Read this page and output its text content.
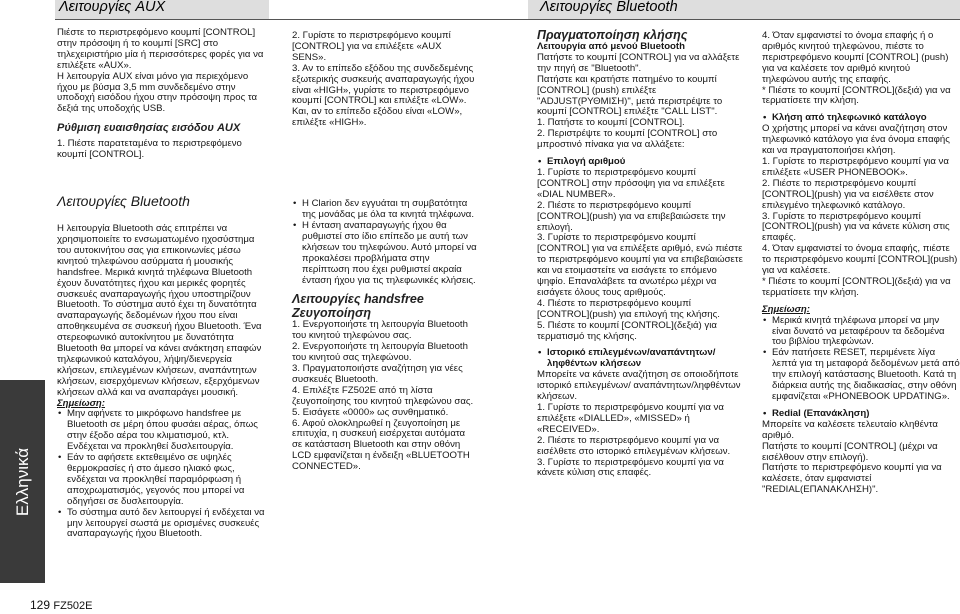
Λειτουργίες AUX	Λειτουργίες Bluetooth

Πιέστε το περιστρεφόμενο κουμπί [CONTROL] στην πρόσοψη ή το κουμπί [SRC] στο τηλεχειριστήριο μία ή περισσότερες φορές για να επιλέξετε «AUX».

Η λειτουργία AUX είναι μόνο για περιεχόμενο ήχου με βύσμα 3,5 mm συνδεδεμένο στην υποδοχή εισόδου ήχου στην πρόσοψη προς τα δεξιά της υποδοχής USB.

Ρύθμιση ευαισθησίας εισόδου AUX

1. Πιέστε παρατεταμένα το περιστρεφόμενο κουμπί [CONTROL].

Λειτουργίες Bluetooth

Η λειτουργία Bluetooth σάς επιτρέπει να χρησιμοποιείτε το ενσωματωμένο ηχοσύστημα του αυτοκινήτου σας για επικοινωνίες μέσω κινητού τηλεφώνου ασύρματα ή μουσικής handsfree. Μερικά κινητά τηλέφωνα Bluetooth έχουν δυνατότητες ήχου και μερικές φορητές συσκευές αναπαραγωγής ήχου υποστηρίζουν Bluetooth. Το σύστημα αυτό έχει τη δυνατότητα αναπαραγωγής δεδομένων ήχου που είναι αποθηκευμένα σε συσκευή ήχου Bluetooth. Ένα στερεοφωνικό αυτοκίνητου με δυνατότητα Bluetooth θα μπορεί να κάνει ανάκτηση επαφών τηλεφωνικού καταλόγου, λήψη/διενεργεία κλήσεων, επιλεγμένων κλήσεων, αναπάντητων κλήσεων, εισερχόμενων κλήσεων, εξερχόμενων κλήσεων αλλά και να αναπαράγει μουσική.

Σημείωση:

• Μην αφήνετε το μικρόφωνο handsfree με Bluetooth σε μέρη όπου φυσάει αέρας, όπως στην έξοδο αέρα του κλιματισμού, κτλ. Ενδέχεται να προκληθεί δυσλειτουργία.
• Εάν το αφήσετε εκτεθειμένο σε υψηλές θερμοκρασίες ή στο άμεσο ηλιακό φως, ενδέχεται να προκληθεί παραμόρφωση ή αποχρωματισμός, γεγονός που μπορεί να οδηγήσει σε δυσλειτουργία.
• Το σύστημα αυτό δεν λειτουργεί ή ενδέχεται να μην λειτουργεί σωστά με ορισμένες συσκευές αναπαραγωγής ήχου Bluetooth.

2. Γυρίστε το περιστρεφόμενο κουμπί [CONTROL] για να επιλέξετε «AUX SENS».

3. Αν το επίπεδο εξόδου της συνδεδεμένης εξωτερικής συσκευής αναπαραγωγής ήχου είναι «HIGH», γυρίστε το περιστρεφόμενο κουμπί [CONTROL] και επιλέξτε «LOW». Και, αν το επίπεδο εξόδου είναι «LOW», επιλέξτε «HIGH».

• Η Clarion δεν εγγυάται τη συμβατότητα της μονάδας με όλα τα κινητά τηλέφωνα.
• Η ένταση αναπαραγωγής ήχου θα ρυθμιστεί στο ίδιο επίπεδο με αυτή των κλήσεων του τηλεφώνου. Αυτό μπορεί να προκαλέσει προβλήματα στην περίπτωση που έχει ρυθμιστεί ακραία ένταση ήχου για τις τηλεφωνικές κλήσεις.

Λειτουργίες handsfree

Ζευγοποίηση

1. Ενεργοποιήστε τη λειτουργία Bluetooth του κινητού τηλεφώνου σας.

2. Ενεργοποιήστε τη λειτουργία Bluetooth του κινητού σας τηλεφώνου.

3. Πραγματοποιήστε αναζήτηση για νέες συσκευές Bluetooth.

4. Επιλέξτε FZ502E από τη λίστα ζευγοποίησης του κινητού τηλεφώνου σας.

5. Εισάγετε «0000» ως συνθηματικό.

6. Αφού ολοκληρωθεί η ζευγοποίηση με επιτυχία, η συσκευή εισέρχεται αυτόματα σε κατάσταση Bluetooth και στην οθόνη LCD εμφανίζεται η ένδειξη «BLUETOOTH CONNECTED».

Πραγματοποίηση κλήσης

Λειτουργία από μενού Bluetooth

Πατήστε το κουμπί [CONTROL] για να αλλάξετε την πηγή σε "Bluetooth".

Πατήστε και κρατήστε πατημένο το κουμπί [CONTROL] (push) επιλέξτε "ADJUST(ΡΥΘΜΙΣΗ)", μετά περιστρέψτε το κουμπί [CONTROL] επιλέξτε "CALL LIST".

1. Πατήστε το κουμπί [CONTROL].

2. Περιστρέψτε το κουμπί [CONTROL] στο μπροστινό πίνακα για να αλλάξετε:

• Επιλογή αριθμού

1. Γυρίστε το περιστρεφόμενο κουμπί [CONTROL] στην πρόσοψη για να επιλέξετε «DIAL NUMBER».

2. Πιέστε το περιστρεφόμενο κουμπί [CONTROL](push) για να επιβεβαιώσετε την επιλογή.

3. Γυρίστε το περιστρεφόμενο κουμπί [CONTROL] για να επιλέξετε αριθμό, ενώ πιέστε το περιστρεφόμενο κουμπί για να επιβεβαιώσετε και να ετοιμαστείτε να εισάγετε το επόμενο ψηφίο. Επαναλάβετε τα ανωτέρω μέχρι να εισάγετε όλους τους αριθμούς.

4. Πιέστε το περιστρεφόμενο κουμπί [CONTROL](push) για επιλογή της κλήσης.

5. Πιέστε το κουμπί [CONTROL](δεξιά) για τερματισμό της κλήσης.

• Ιστορικό επιλεγμένων/αναπάντητων/ ληφθέντων κλήσεων

Μπορείτε να κάνετε αναζήτηση σε οποιοδήποτε ιστορικό επιλεγμένων/ αναπάντητων/ληφθέντων κλήσεων.

1. Γυρίστε το περιστρεφόμενο κουμπί για να επιλέξετε «DIALLED», «MISSED» ή «RECEIVED».

2. Πιέστε το περιστρεφόμενο κουμπί για να εισέλθετε στο ιστορικό επιλεγμένων κλήσεων.

3. Γυρίστε το περιστρεφόμενο κουμπί για να κάνετε κύλιση στις επαφές.

4. Όταν εμφανιστεί το όνομα επαφής ή ο αριθμός κινητού τηλεφώνου, πιέστε το περιστρεφόμενο κουμπί [CONTROL] (push) για να καλέσετε τον αριθμό κινητού τηλεφώνου αυτής της επαφής.

* Πιέστε το κουμπί [CONTROL](δεξιά) για να τερματίσετε την κλήση.

• Κλήση από τηλεφωνικό κατάλογο

Ο χρήστης μπορεί να κάνει αναζήτηση στον τηλεφωνικό κατάλογο για ένα όνομα επαφής και να πραγματοποιήσει κλήση.

1. Γυρίστε το περιστρεφόμενο κουμπί για να επιλέξετε «USER PHONEBOOK».

2. Πιέστε το περιστρεφόμενο κουμπί [CONTROL](push) για να εισέλθετε στον επιλεγμένο τηλεφωνικό κατάλογο.

3. Γυρίστε το περιστρεφόμενο κουμπί [CONTROL](push) για να κάνετε κύλιση στις επαφές.

4. Όταν εμφανιστεί το όνομα επαφής, πιέστε το περιστρεφόμενο κουμπί [CONTROL](push) για να καλέσετε.

* Πιέστε το κουμπί [CONTROL](δεξιά) για να τερματίσετε την κλήση.

Σημείωση:

• Μερικά κινητά τηλέφωνα μπορεί να μην είναι δυνατό να μεταφέρουν τα δεδομένα του βιβλίου τηλεφώνων.
• Εάν πατήσετε RESET, περιμένετε λίγα λεπτά για τη μεταφορά δεδομένων μετά από την επιλογή κατάστασης Bluetooth. Κατά τη διάρκεια αυτής της διαδικασίας, στην οθόνη εμφανίζεται «PHONEBOOK UPDATING».
• Redial (Επανάκληση)

Μπορείτε να καλέσετε τελευταίο κληθέντα αριθμό.

Πατήστε το κουμπί [CONTROL] (μέχρι να εισέλθουν στην επιλογή).

Πατήστε το περιστρεφόμενο κουμπί για να καλέσετε, όταν εμφανιστεί "REDIAL(ΕΠΑΝΑΚΛΗΣΗ)".

Ελληνικά
129 FZ502E
